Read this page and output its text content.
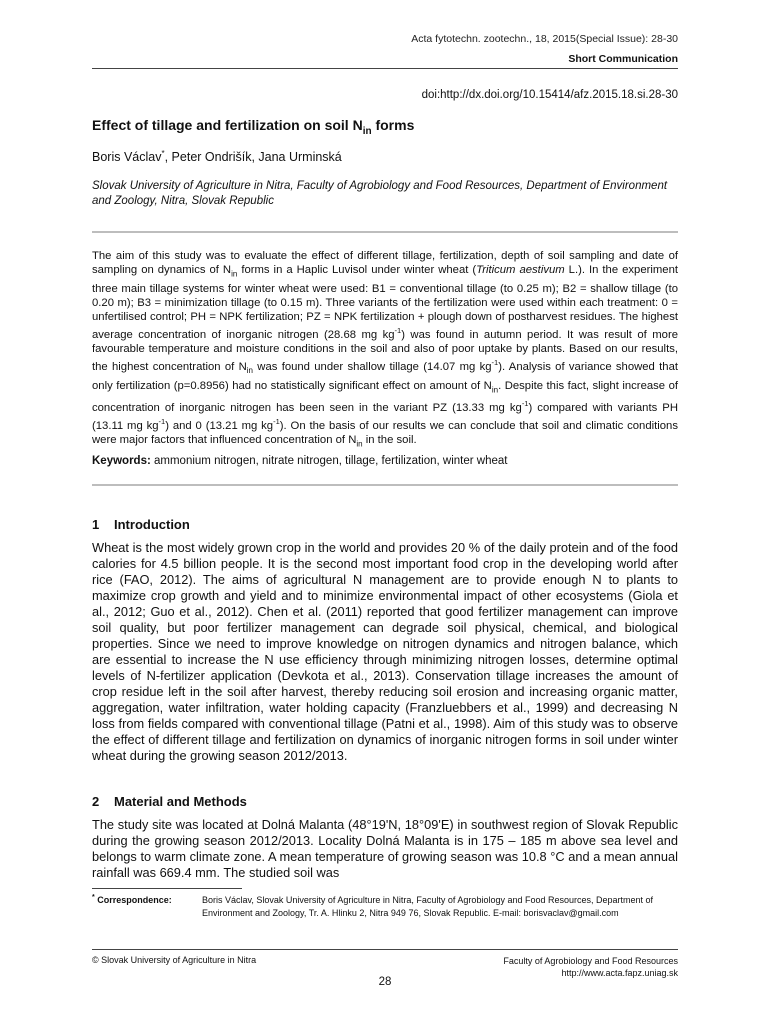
Acta fytotechn. zootechn., 18, 2015(Special Issue): 28-30
Short Communication
doi:http://dx.doi.org/10.15414/afz.2015.18.si.28-30
Effect of tillage and fertilization on soil $N_{in}$ forms
Boris Václav*, Peter Ondrišík, Jana Urminská
Slovak University of Agriculture in Nitra, Faculty of Agrobiology and Food Resources, Department of Environment and Zoology, Nitra, Slovak Republic
The aim of this study was to evaluate the effect of different tillage, fertilization, depth of soil sampling and date of sampling on dynamics of $N_{in}$ forms in a Haplic Luvisol under winter wheat (Triticum aestivum L.). In the experiment three main tillage systems for winter wheat were used: B1 = conventional tillage (to 0.25 m); B2 = shallow tillage (to 0.20 m); B3 = minimization tillage (to 0.15 m). Three variants of the fertilization were used within each treatment: 0 = unfertilised control; PH = NPK fertilization; PZ = NPK fertilization + plough down of postharvest residues. The highest average concentration of inorganic nitrogen (28.68 mg $kg^{-1}$) was found in autumn period. It was result of more favourable temperature and moisture conditions in the soil and also of poor uptake by plants. Based on our results, the highest concentration of $N_{in}$ was found under shallow tillage (14.07 mg $kg^{-1}$). Analysis of variance showed that only fertilization (p=0.8956) had no statistically significant effect on amount of $N_{in}$. Despite this fact, slight increase of concentration of inorganic nitrogen has been seen in the variant PZ (13.33 mg $kg^{-1}$) compared with variants PH (13.11 mg $kg^{-1}$) and 0 (13.21 mg $kg^{-1}$). On the basis of our results we can conclude that soil and climatic conditions were major factors that influenced concentration of $N_{in}$ in the soil.
Keywords: ammonium nitrogen, nitrate nitrogen, tillage, fertilization, winter wheat
1 Introduction
Wheat is the most widely grown crop in the world and provides 20 % of the daily protein and of the food calories for 4.5 billion people. It is the second most important food crop in the developing world after rice (FAO, 2012). The aims of agricultural N management are to provide enough N to plants to maximize crop growth and yield and to minimize environmental impact of other ecosystems (Giola et al., 2012; Guo et al., 2012). Chen et al. (2011) reported that good fertilizer management can improve soil quality, but poor fertilizer management can degrade soil physical, chemical, and biological properties. Since we need to improve knowledge on nitrogen dynamics and nitrogen balance, which are essential to increase the N use efficiency through minimizing nitrogen losses, determine optimal levels of N-fertilizer application (Devkota et al., 2013). Conservation tillage increases the amount of crop residue left in the soil after harvest, thereby reducing soil erosion and increasing organic matter, aggregation, water infiltration, water holding capacity (Franzluebbers et al., 1999) and decreasing N loss from fields compared with conventional tillage (Patni et al., 1998). Aim of this study was to observe the effect of different tillage and fertilization on dynamics of inorganic nitrogen forms in soil under winter wheat during the growing season 2012/2013.
2 Material and Methods
The study site was located at Dolná Malanta (48°19'N, 18°09'E) in southwest region of Slovak Republic during the growing season 2012/2013. Locality Dolná Malanta is in 175 – 185 m above sea level and belongs to warm climate zone. A mean temperature of growing season was 10.8 °C and a mean annual rainfall was 669.4 mm. The studied soil was
* Correspondence:	Boris Václav, Slovak University of Agriculture in Nitra, Faculty of Agrobiology and Food Resources, Department of Environment and Zoology, Tr. A. Hlinku 2, Nitra 949 76, Slovak Republic. E-mail: borisvaclav@gmail.com
© Slovak University of Agriculture in Nitra	Faculty of Agrobiology and Food Resources
http://www.acta.fapz.uniag.sk
28
